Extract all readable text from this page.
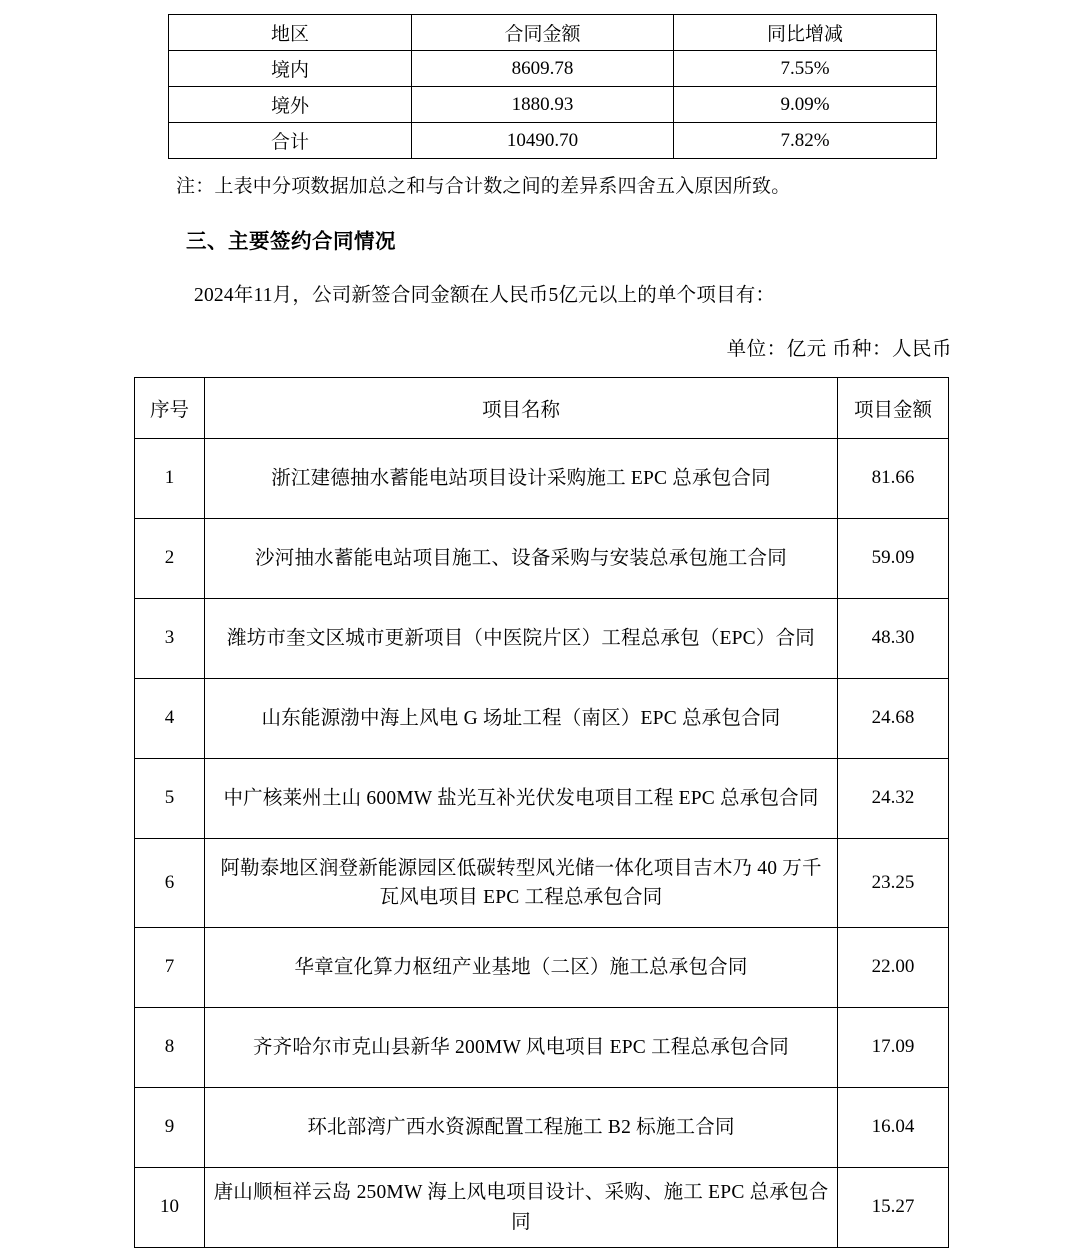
地区	合同金额	同比增减
境内	8609.78	7.55%
境外	1880.93	9.09%
合计	10490.70	7.82%
注：上表中分项数据加总之和与合计数之间的差异系四舍五入原因所致。
三、主要签约合同情况
2024年11月，公司新签合同金额在人民币5亿元以上的单个项目有：
单位：亿元 币种：人民币
序号	项目名称	项目金额
1	浙江建德抽水蓄能电站项目设计采购施工 EPC 总承包合同	81.66
2	沙河抽水蓄能电站项目施工、设备采购与安装总承包施工合同	59.09
3	潍坊市奎文区城市更新项目（中医院片区）工程总承包（EPC）合同	48.30
4	山东能源渤中海上风电 G 场址工程（南区）EPC 总承包合同	24.68
5	中广核莱州土山 600MW 盐光互补光伏发电项目工程 EPC 总承包合同	24.32
6	阿勒泰地区润登新能源园区低碳转型风光储一体化项目吉木乃 40 万千瓦风电项目 EPC 工程总承包合同	23.25
7	华章宣化算力枢纽产业基地（二区）施工总承包合同	22.00
8	齐齐哈尔市克山县新华 200MW 风电项目 EPC 工程总承包合同	17.09
9	环北部湾广西水资源配置工程施工 B2 标施工合同	16.04
10	唐山顺桓祥云岛 250MW 海上风电项目设计、采购、施工 EPC 总承包合同	15.27
